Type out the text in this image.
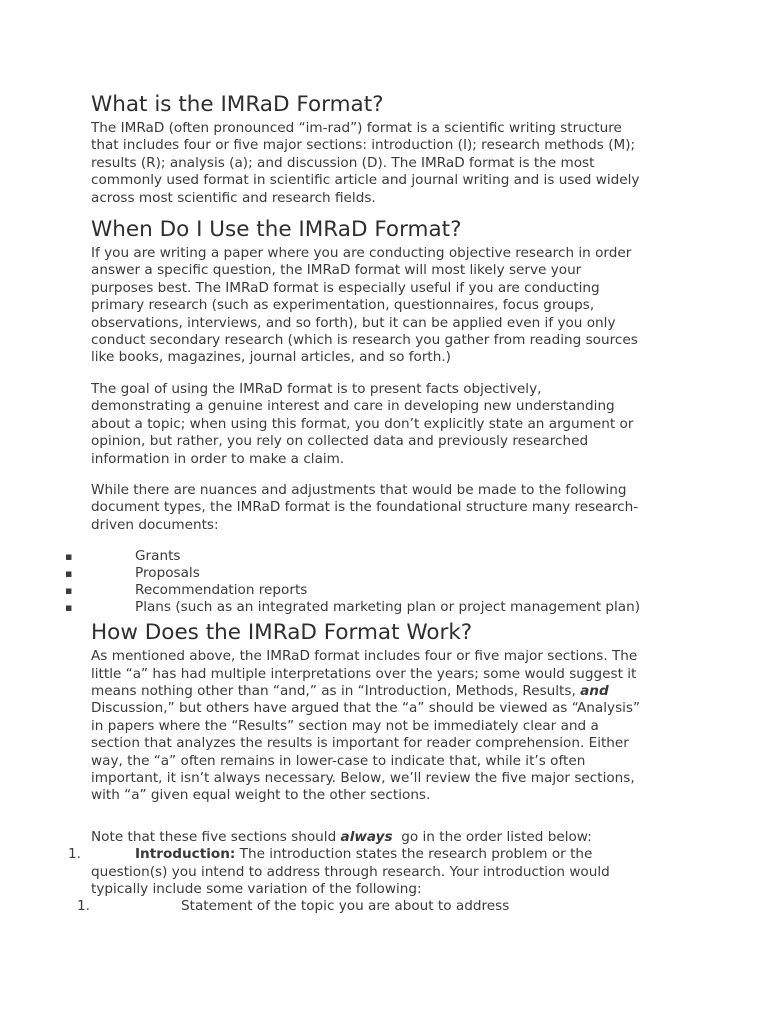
What is the IMRaD Format?

The IMRaD (often pronounced “im-rad”) format is a scientific writing structure
that includes four or five major sections: introduction (I); research methods (M);
results (R); analysis (a); and discussion (D). The IMRaD format is the most
commonly used format in scientific article and journal writing and is used widely
across most scientific and research fields.

When Do I Use the IMRaD Format?

If you are writing a paper where you are conducting objective research in order
answer a specific question, the IMRaD format will most likely serve your
purposes best. The IMRaD format is especially useful if you are conducting
primary research (such as experimentation, questionnaires, focus groups,
observations, interviews, and so forth), but it can be applied even if you only
conduct secondary research (which is research you gather from reading sources
like books, magazines, journal articles, and so forth.)

The goal of using the IMRaD format is to present facts objectively,
demonstrating a genuine interest and care in developing new understanding
about a topic; when using this format, you don’t explicitly state an argument or
opinion, but rather, you rely on collected data and previously researched
information in order to make a claim.

While there are nuances and adjustments that would be made to the following
document types, the IMRaD format is the foundational structure many research-
driven documents:

▪	Grants
▪	Proposals
▪	Recommendation reports
▪	Plans (such as an integrated marketing plan or project management plan)
How Does the IMRaD Format Work?

As mentioned above, the IMRaD format includes four or five major sections. The
little “a” has had multiple interpretations over the years; some would suggest it
means nothing other than “and,” as in “Introduction, Methods, Results, and
Discussion,” but others have argued that the “a” should be viewed as “Analysis”
in papers where the “Results” section may not be immediately clear and a
section that analyzes the results is important for reader comprehension. Either
way, the “a” often remains in lower-case to indicate that, while it’s often
important, it isn’t always necessary. Below, we’ll review the five major sections,
with “a” given equal weight to the other sections.

Note that these five sections should always  go in the order listed below:

1.	Introduction: The introduction states the research problem or the
question(s) you intend to address through research. Your introduction would
typically include some variation of the following:
1.	Statement of the topic you are about to address
